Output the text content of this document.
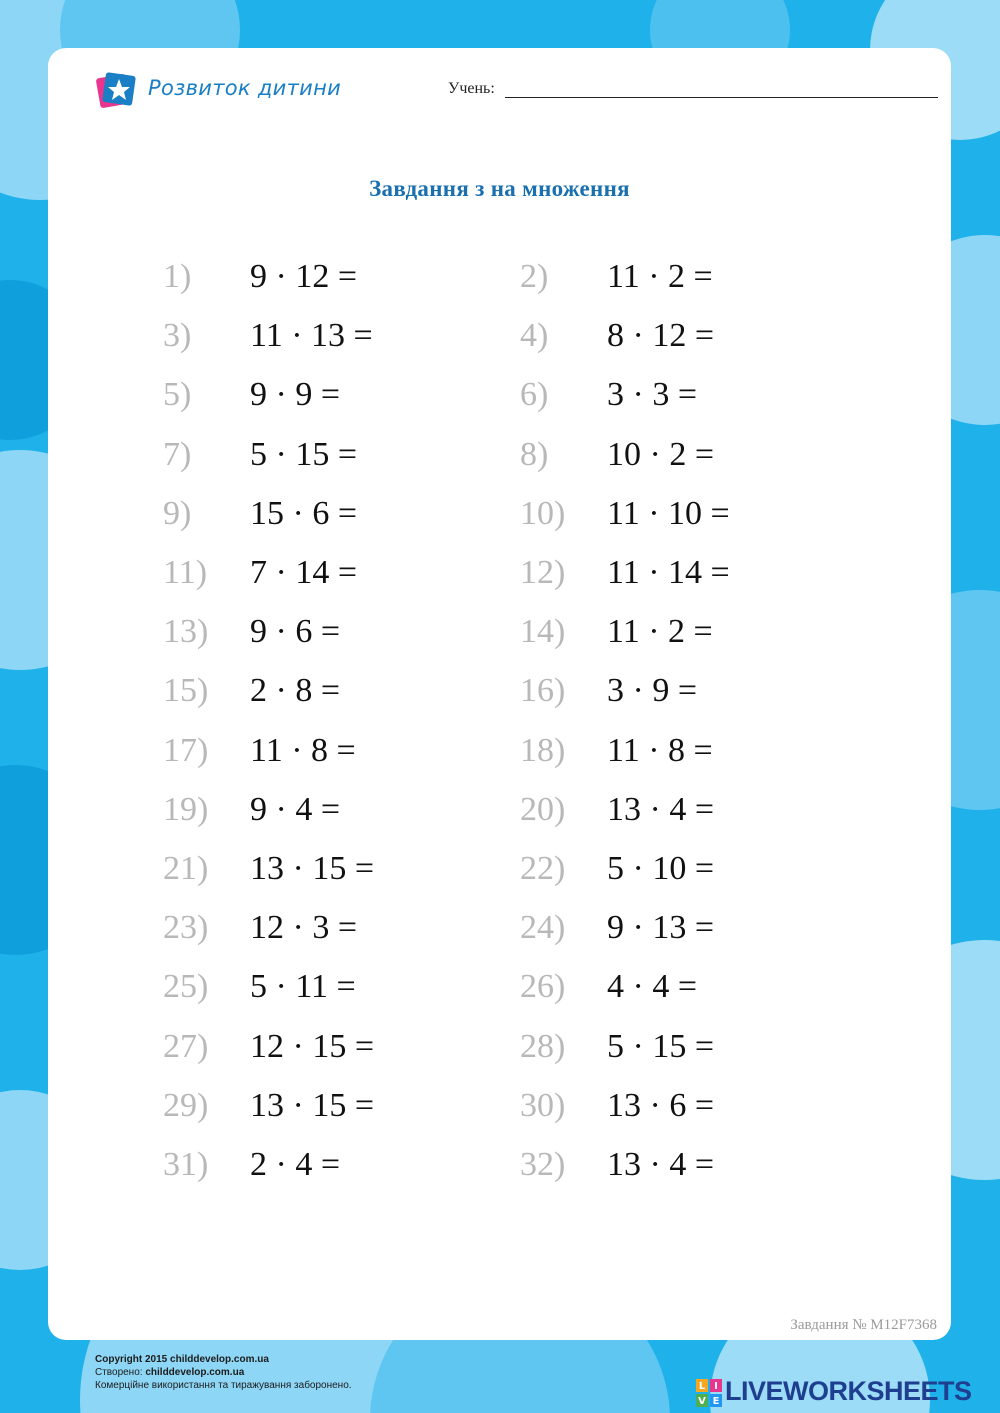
Розвиток дитини	Учень:
Завдання з на множення
1) 9 · 12 =	2) 11 · 2 =
3) 11 · 13 =	4) 8 · 12 =
5) 9 · 9 =	6) 3 · 3 =
7) 5 · 15 =	8) 10 · 2 =
9) 15 · 6 =	10) 11 · 10 =
11) 7 · 14 =	12) 11 · 14 =
13) 9 · 6 =	14) 11 · 2 =
15) 2 · 8 =	16) 3 · 9 =
17) 11 · 8 =	18) 11 · 8 =
19) 9 · 4 =	20) 13 · 4 =
21) 13 · 15 =	22) 5 · 10 =
23) 12 · 3 =	24) 9 · 13 =
25) 5 · 11 =	26) 4 · 4 =
27) 12 · 15 =	28) 5 · 15 =
29) 13 · 15 =	30) 13 · 6 =
31) 2 · 4 =	32) 13 · 4 =
Завдання № M12F7368
Copyright 2015 childdevelop.com.ua
Створено: childdevelop.com.ua
Комерційне використання та тиражування заборонено.	L I
V E LIVEWORKSHEETS
